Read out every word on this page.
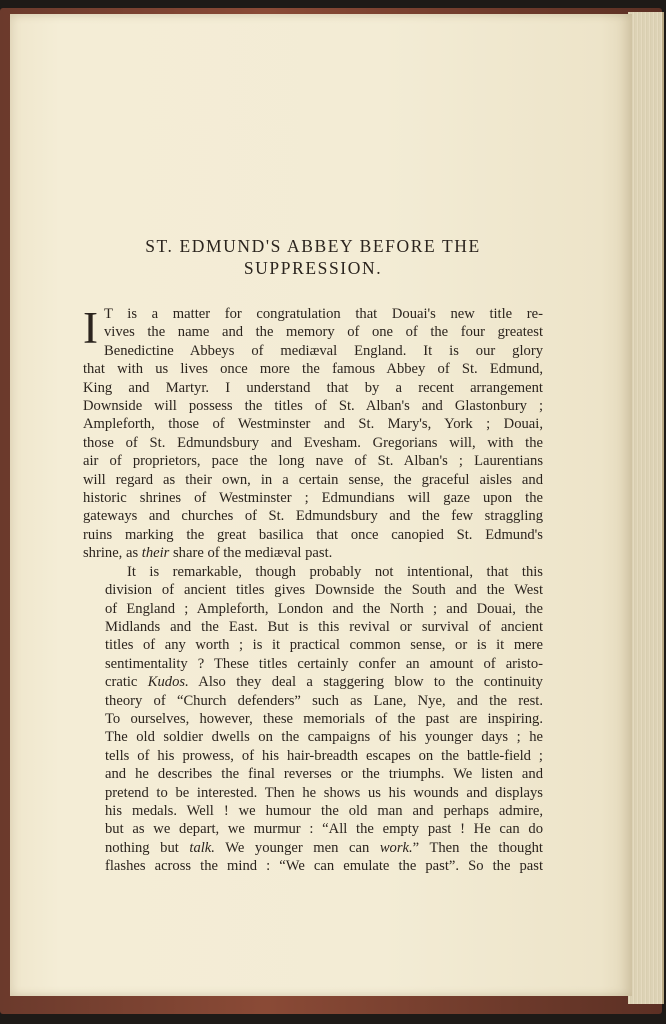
ST. EDMUND'S ABBEY BEFORE THE
SUPPRESSION.
I T is a matter for congratulation that Douai's new title re-
vives the name and the memory of one of the four greatest
Benedictine Abbeys of mediæval England. It is our glory
that with us lives once more the famous Abbey of St. Edmund,
King and Martyr. I understand that by a recent arrangement
Downside will possess the titles of St. Alban's and Glastonbury ;
Ampleforth, those of Westminster and St. Mary's, York ; Douai,
those of St. Edmundsbury and Evesham. Gregorians will, with the
air of proprietors, pace the long nave of St. Alban's ; Laurentians
will regard as their own, in a certain sense, the graceful aisles and
historic shrines of Westminster ; Edmundians will gaze upon the
gateways and churches of St. Edmundsbury and the few straggling
ruins marking the great basilica that once canopied St. Edmund's
shrine, as their share of the mediæval past.
It is remarkable, though probably not intentional, that this
division of ancient titles gives Downside the South and the West
of England ; Ampleforth, London and the North ; and Douai, the
Midlands and the East. But is this revival or survival of ancient
titles of any worth ; is it practical common sense, or is it mere
sentimentality ? These titles certainly confer an amount of aristo-
cratic Kudos. Also they deal a staggering blow to the continuity
theory of “Church defenders” such as Lane, Nye, and the rest.
To ourselves, however, these memorials of the past are inspiring.
The old soldier dwells on the campaigns of his younger days ; he
tells of his prowess, of his hair-breadth escapes on the battle-field ;
and he describes the final reverses or the triumphs. We listen and
pretend to be interested. Then he shows us his wounds and displays
his medals. Well ! we humour the old man and perhaps admire,
but as we depart, we murmur : “All the empty past ! He can do
nothing but talk. We younger men can work.” Then the thought
flashes across the mind : “We can emulate the past”. So the past
